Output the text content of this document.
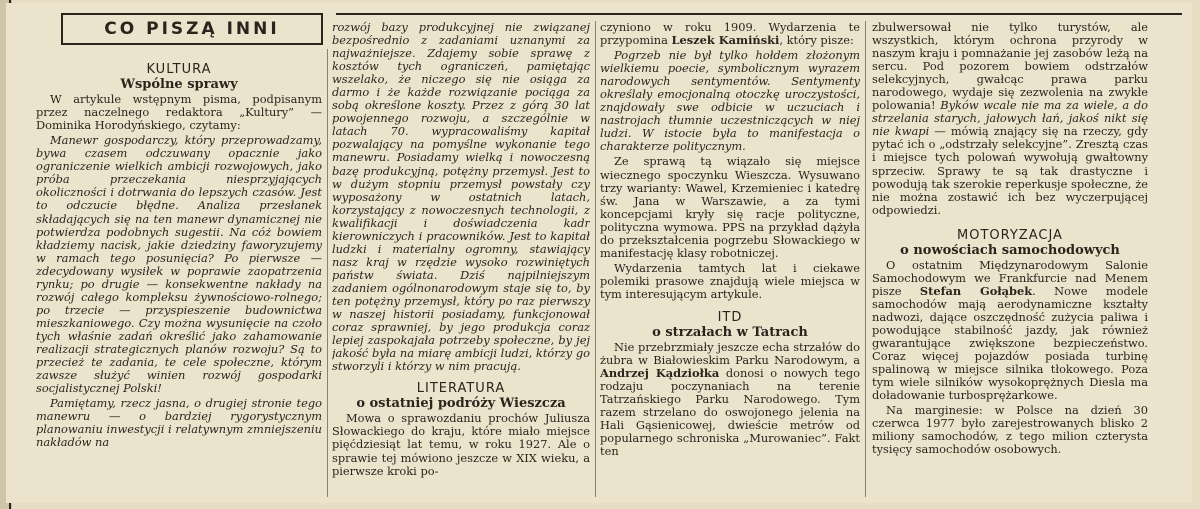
CO PISZĄ INNI

KULTURA

Wspólne sprawy

W artykule wstępnym pisma, podpisanym przez naczelnego redaktora „Kultury” — Dominika Horodyńskiego, czytamy:

Manewr gospodarczy, który przeprowadzamy, bywa czasem odczuwany opacznie jako ograniczenie wielkich ambicji rozwojowych, jako próba przeczekania niesprzyjających okoliczności i dotrwania do lepszych czasów. Jest to odczucie błędne. Analiza przesłanek składających się na ten manewr dynamicznej nie potwierdza podobnych sugestii. Na cóż bowiem kładziemy nacisk, jakie dziedziny faworyzujemy w ramach tego posunięcia? Po pierwsze — zdecydowany wysiłek w poprawie zaopatrzenia rynku; po drugie — konsekwentne nakłady na rozwój całego kompleksu żywnościowo-rolnego; po trzecie — przyspieszenie budownictwa mieszkaniowego. Czy można wysunięcie na czoło tych właśnie zadań określić jako zahamowanie realizacji strategicznych planów rozwoju? Są to przecież te zadania, te cele społeczne, którym zawsze służyć winien rozwój gospodarki socjalistycznej Polski!

Pamiętamy, rzecz jasna, o drugiej stronie tego manewru — o bardziej rygorystycznym planowaniu inwestycji i relatywnym zmniejszeniu nakładów na

rozwój bazy produkcyjnej nie związanej bezpośrednio z zadaniami uznanymi za najważniejsze. Zdajemy sobie sprawę z kosztów tych ograniczeń, pamiętając wszelako, że niczego się nie osiąga za darmo i że każde rozwiązanie pociąga za sobą określone koszty. Przez z górą 30 lat powojennego rozwoju, a szczególnie w latach 70. wypracowaliśmy kapitał pozwalający na pomyślne wykonanie tego manewru. Posiadamy wielką i nowoczesną bazę produkcyjną, potężny przemysł. Jest to w dużym stopniu przemysł powstały czy wyposażony w ostatnich latach, korzystający z nowoczesnych technologii, z kwalifikacji i doświadczenia kadr kierowniczych i pracowników. Jest to kapitał ludzki i materialny ogromny, stawiający nasz kraj w rzędzie wysoko rozwiniętych państw świata. Dziś najpilniejszym zadaniem ogólnonarodowym staje się to, by ten potężny przemysł, który po raz pierwszy w naszej historii posiadamy, funkcjonował coraz sprawniej, by jego produkcja coraz lepiej zaspokajała potrzeby społeczne, by jej jakość była na miarę ambicji ludzi, którzy go stworzyli i którzy w nim pracują.

LITERATURA

o ostatniej podróży Wieszcza

Mowa o sprawozdaniu prochów Juliusza Słowackiego do kraju, które miało miejsce pięćdziesiąt lat temu, w roku 1927. Ale o sprawie tej mówiono jeszcze w XIX wieku, a pierwsze kroki po-

czyniono w roku 1909. Wydarzenia te przypomina Leszek Kamiński, który pisze:

Pogrzeb nie był tylko hołdem złożonym wielkiemu poecie, symbolicznym wyrazem narodowych sentymentów. Sentymenty określały emocjonalną otoczkę uroczystości, znajdowały swe odbicie w uczuciach i nastrojach tłumnie uczestniczących w niej ludzi. W istocie była to manifestacja o charakterze politycznym.

Ze sprawą tą wiązało się miejsce wiecznego spoczynku Wieszcza. Wysuwano trzy warianty: Wawel, Krzemieniec i katedrę św. Jana w Warszawie, a za tymi koncepcjami kryły się racje polityczne, polityczna wymowa. PPS na przykład dążyła do przekształcenia pogrzebu Słowackiego w manifestację klasy robotniczej.

Wydarzenia tamtych lat i ciekawe polemiki prasowe znajdują wiele miejsca w tym interesującym artykule.

ITD

o strzałach w Tatrach

Nie przebrzmiały jeszcze echa strzałów do żubra w Białowieskim Parku Narodowym, a Andrzej Kądziołka donosi o nowych tego rodzaju poczynaniach na terenie Tatrzańskiego Parku Narodowego. Tym razem strzelano do oswojonego jelenia na Hali Gąsienicowej, dwieście metrów od popularnego schroniska „Murowaniec”. Fakt ten

zbulwersował nie tylko turystów, ale wszystkich, którym ochrona przyrody w naszym kraju i pomnażanie jej zasobów leżą na sercu. Pod pozorem bowiem odstrzałów selekcyjnych, gwałcąc prawa parku narodowego, wydaje się zezwolenia na zwykłe polowania! Byków wcale nie ma za wiele, a do strzelania starych, jałowych łań, jakoś nikt się nie kwapi — mówią znający się na rzeczy, gdy pytać ich o „odstrzały selekcyjne”. Zresztą czas i miejsce tych polowań wywołują gwałtowny sprzeciw. Sprawy te są tak drastyczne i powodują tak szerokie reperkusje społeczne, że nie można zostawić ich bez wyczerpującej odpowiedzi.

MOTORYZACJA

o nowościach samochodowych

O ostatnim Międzynarodowym Salonie Samochodowym we Frankfurcie nad Menem pisze Stefan Gołąbek. Nowe modele samochodów mają aerodynamiczne kształty nadwozi, dające oszczędność zużycia paliwa i powodujące stabilność jazdy, jak również gwarantujące zwiększone bezpieczeństwo. Coraz więcej pojazdów posiada turbinę spalinową w miejsce silnika tłokowego. Poza tym wiele silników wysokoprężnych Diesla ma doładowanie turbosprężarkowe.

Na marginesie: w Polsce na dzień 30 czerwca 1977 było zarejestrowanych blisko 2 miliony samochodów, z tego milion czterysta tysięcy samochodów osobowych.
